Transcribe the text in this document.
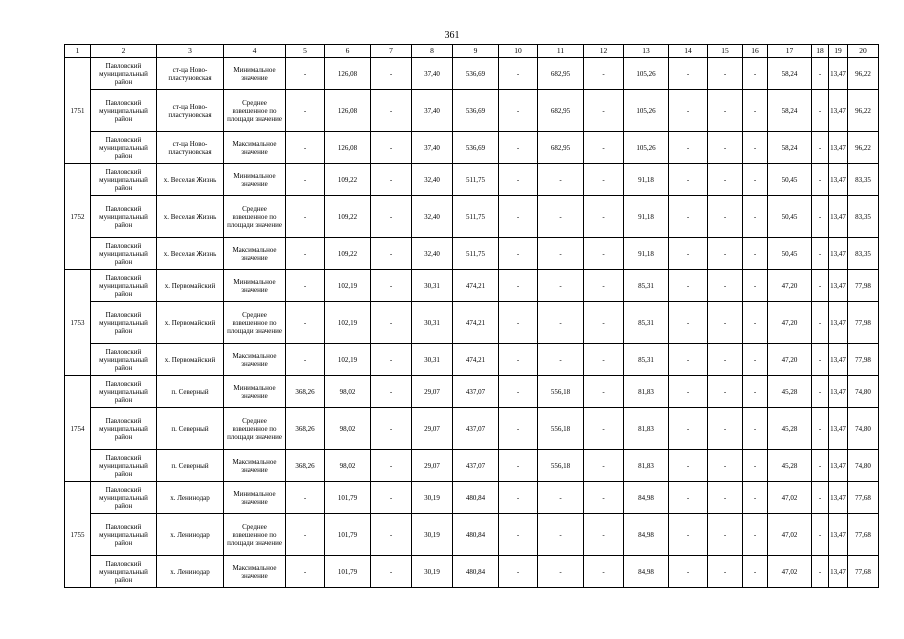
361
1	2	3	4	5	6	7	8	9	10	11	12	13	14	15	16	17	18	19	20
1751	Павловский муниципальный район	ст-ца Ново-пластуновская	Минимальное значение	-	126,08	-	37,40	536,69	-	682,95	-	105,26	-	-	-	58,24	-	13,47	96,22
	Павловский муниципальный район	ст-ца Ново-пластуновская	Среднее взвешенное по площади значение	-	126,08	-	37,40	536,69	-	682,95	-	105,26	-	-	-	58,24	-	13,47	96,22
	Павловский муниципальный район	ст-ца Ново-пластуновская	Максимальное значение	-	126,08	-	37,40	536,69	-	682,95	-	105,26	-	-	-	58,24	-	13,47	96,22
1752	Павловский муниципальный район	х. Веселая Жизнь	Минимальное значение	-	109,22	-	32,40	511,75	-	-	-	91,18	-	-	-	50,45	-	13,47	83,35
	Павловский муниципальный район	х. Веселая Жизнь	Среднее взвешенное по площади значение	-	109,22	-	32,40	511,75	-	-	-	91,18	-	-	-	50,45	-	13,47	83,35
	Павловский муниципальный район	х. Веселая Жизнь	Максимальное значение	-	109,22	-	32,40	511,75	-	-	-	91,18	-	-	-	50,45	-	13,47	83,35
1753	Павловский муниципальный район	х. Первомайский	Минимальное значение	-	102,19	-	30,31	474,21	-	-	-	85,31	-	-	-	47,20	-	13,47	77,98
	Павловский муниципальный район	х. Первомайский	Среднее взвешенное по площади значение	-	102,19	-	30,31	474,21	-	-	-	85,31	-	-	-	47,20	-	13,47	77,98
	Павловский муниципальный район	х. Первомайский	Максимальное значение	-	102,19	-	30,31	474,21	-	-	-	85,31	-	-	-	47,20	-	13,47	77,98
1754	Павловский муниципальный район	п. Северный	Минимальное значение	368,26	98,02	-	29,07	437,07	-	556,18	-	81,83	-	-	-	45,28	-	13,47	74,80
	Павловский муниципальный район	п. Северный	Среднее взвешенное по площади значение	368,26	98,02	-	29,07	437,07	-	556,18	-	81,83	-	-	-	45,28	-	13,47	74,80
	Павловский муниципальный район	п. Северный	Максимальное значение	368,26	98,02	-	29,07	437,07	-	556,18	-	81,83	-	-	-	45,28	-	13,47	74,80
1755	Павловский муниципальный район	х. Ленинодар	Минимальное значение	-	101,79	-	30,19	480,84	-	-	-	84,98	-	-	-	47,02	-	13,47	77,68
	Павловский муниципальный район	х. Ленинодар	Среднее взвешенное по площади значение	-	101,79	-	30,19	480,84	-	-	-	84,98	-	-	-	47,02	-	13,47	77,68
	Павловский муниципальный район	х. Ленинодар	Максимальное значение	-	101,79	-	30,19	480,84	-	-	-	84,98	-	-	-	47,02	-	13,47	77,68
